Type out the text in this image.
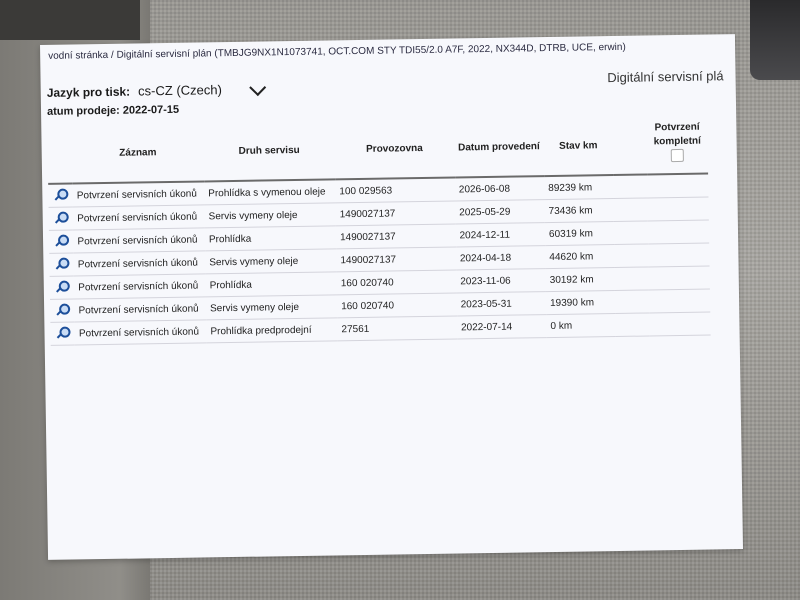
vodní stránka / Digitální servisní plán (TMBJG9NX1N1073741, OCT.COM STY TDI55/2.0 A7F, 2022, NX344D, DTRB, UCE, erwin)
Jazyk pro tisk: cs-CZ (Czech)
Digitální servisní plá
atum prodeje: 2022-07-15
	Záznam	Druh servisu	Provozovna	Datum provedení	Stav km		Potvrzení
kompletní

	Potvrzení servisních úkonů	Prohlídka s vymenou oleje	100 029563	2026-06-08	89239 km		

	Potvrzení servisních úkonů	Servis vymeny oleje	1490027137	2025-05-29	73436 km		

	Potvrzení servisních úkonů	Prohlídka	1490027137	2024-12-11	60319 km		

	Potvrzení servisních úkonů	Servis vymeny oleje	1490027137	2024-04-18	44620 km		

	Potvrzení servisních úkonů	Prohlídka	160 020740	2023-11-06	30192 km		

	Potvrzení servisních úkonů	Servis vymeny oleje	160 020740	2023-05-31	19390 km		

	Potvrzení servisních úkonů	Prohlídka predprodejní	27561	2022-07-14	0 km		
